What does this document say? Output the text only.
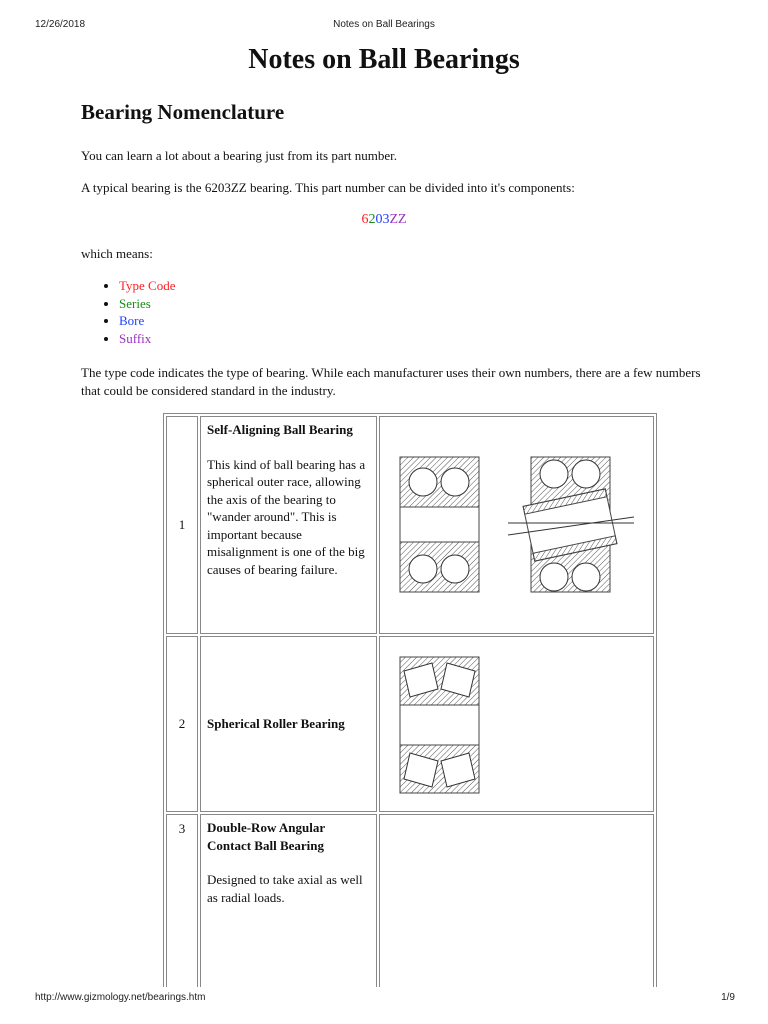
12/26/2018	Notes on Ball Bearings
Notes on Ball Bearings
Bearing Nomenclature

You can learn a lot about a bearing just from its part number.

A typical bearing is the 6203ZZ bearing. This part number can be divided into it's components:

6203ZZ

which means:

• Type Code
• Series
• Bore
• Suffix

The type code indicates the type of bearing. While each manufacturer uses their own numbers, there are a few numbers that could be considered standard in the industry.

1	Self-Aligning Ball Bearing
This kind of ball bearing has a spherical outer race, allowing the axis of the bearing to "wander around". This is important because misalignment is one of the big causes of bearing failure.

2	Spherical Roller Bearing

3	Double-Row Angular Contact Ball Bearing
Designed to take axial as well as radial loads.	

http://www.gizmology.net/bearings.htm	1/9
